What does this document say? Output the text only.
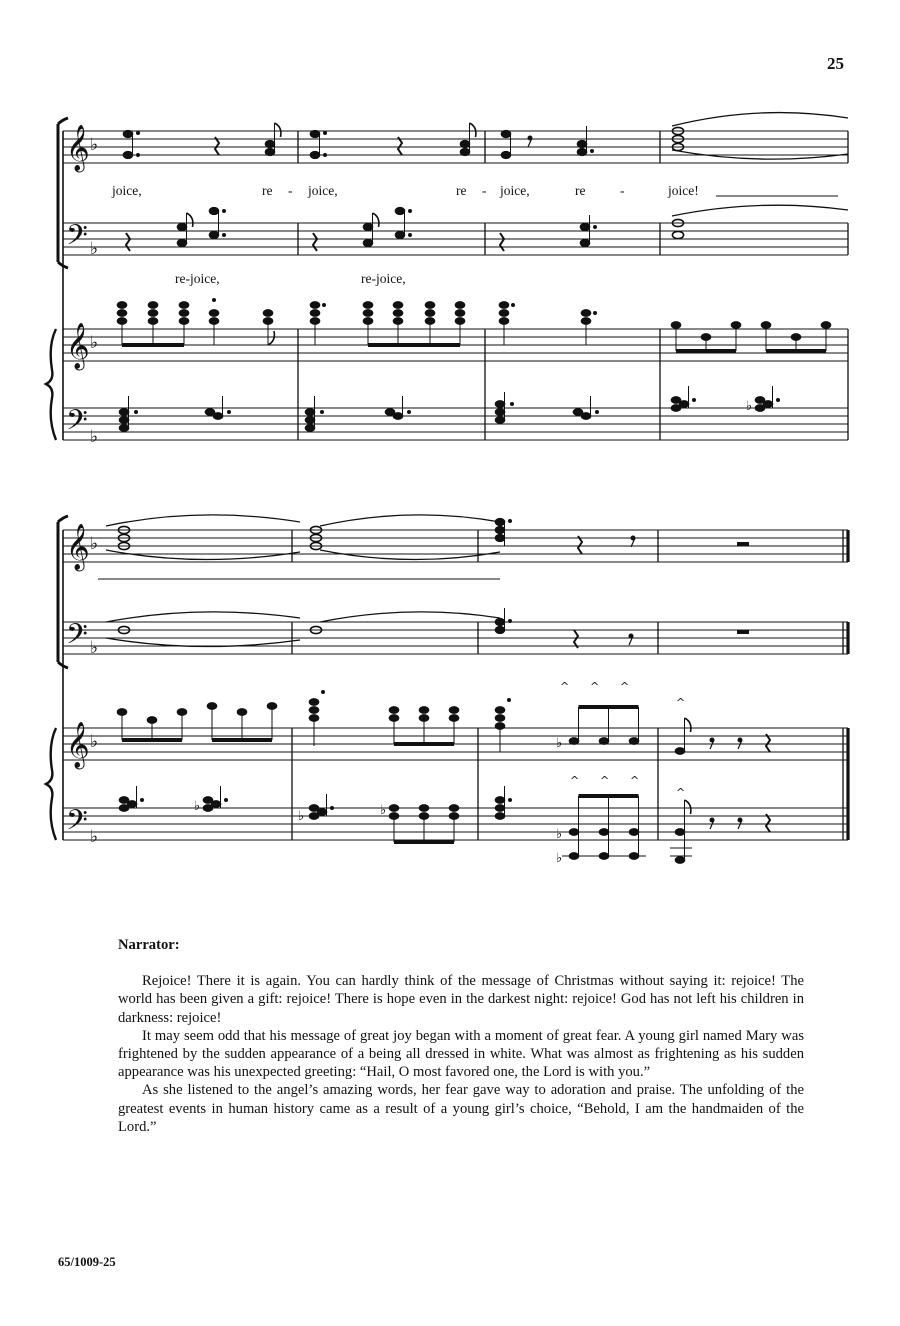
25
𝄞
𝄢
𝄞
𝄢
♭
♭
♭
♭
joice,	re - joice,	re - joice,	re	-	joice!
re-joice,	re-joice,
♭
𝄞
𝄢
𝄞
𝄢
♭
♭
♭
♭
^ ^ ^
♭
^
♭
♭	♭
^ ^ ^
♭
♭
^

Narrator:

Rejoice! There it is again. You can hardly think of the message of Christmas without saying it: rejoice! The world has been given a gift: rejoice! There is hope even in the darkest night: rejoice! God has not left his children in darkness: rejoice!

It may seem odd that his message of great joy began with a moment of great fear. A young girl named Mary was frightened by the sudden appearance of a being all dressed in white. What was almost as frightening as his sudden appearance was his unexpected greeting: “Hail, O most favored one, the Lord is with you.”

As she listened to the angel’s amazing words, her fear gave way to adoration and praise. The unfolding of the greatest events in human history came as a result of a young girl’s choice, “Behold, I am the handmaiden of the Lord.”

65/1009-25
